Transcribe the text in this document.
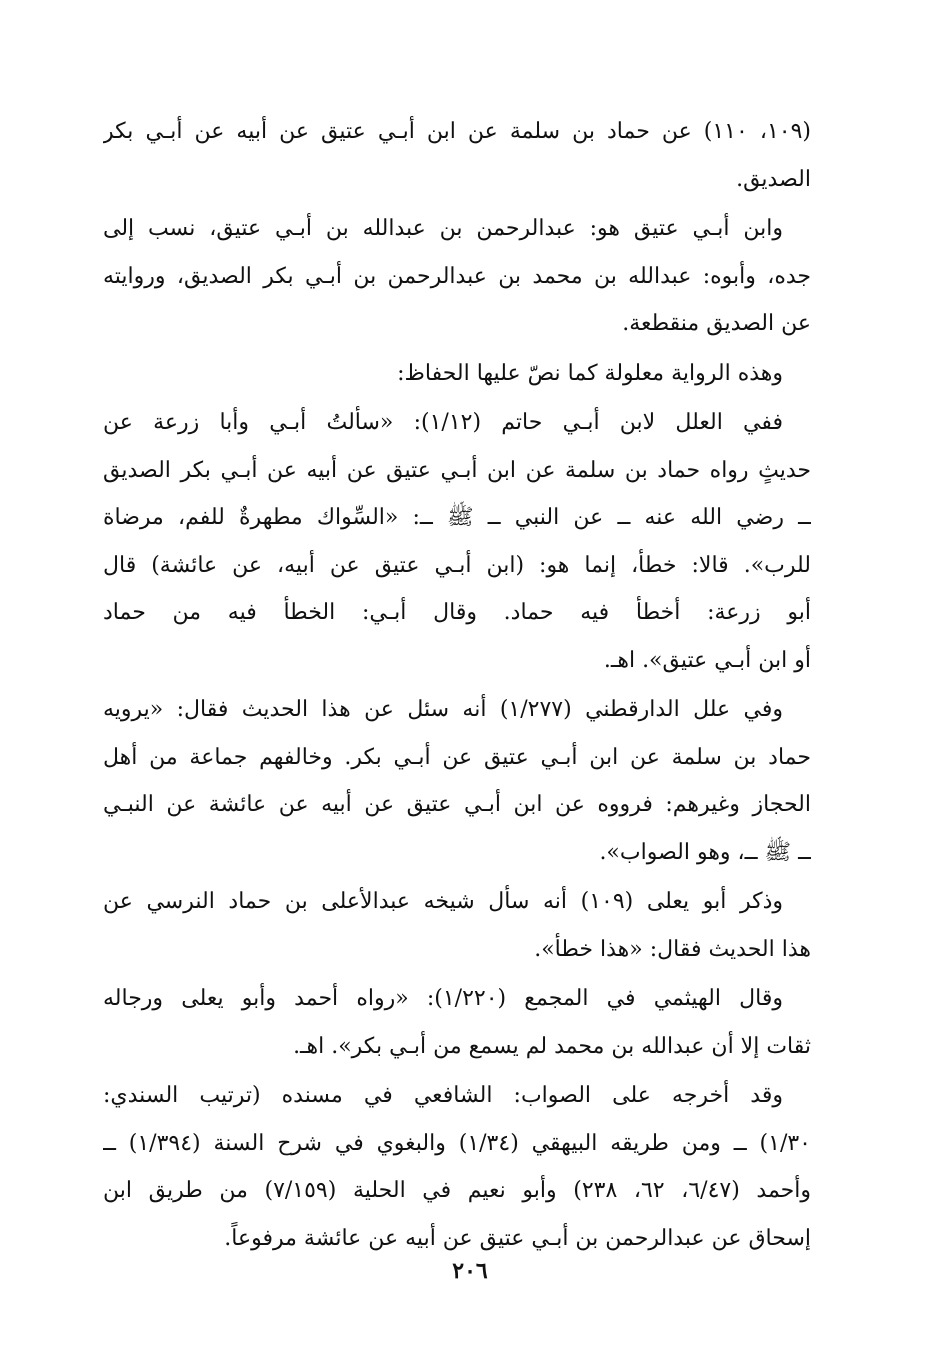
(١٠٩، ١١٠) عن حماد بن سلمة عن ابن أبـي عتيق عن أبيه عن أبـي بكر
الصديق.
وابن أبـي عتيق هو: عبدالرحمن بن عبدالله بن أبـي عتيق، نسب إلى
جده، وأبوه: عبدالله بن محمد بن عبدالرحمن بن أبـي بكر الصديق، وروايته
عن الصديق منقطعة.
وهذه الرواية معلولة كما نصّ عليها الحفاظ:
ففي العلل لابن أبـي حاتم (١/١٢): «سألتُ أبـي وأبا زرعة عن
حديثٍ رواه حماد بن سلمة عن ابن أبـي عتيق عن أبيه عن أبـي بكر الصديق
ــ رضي الله عنه ــ عن النبي ــ ﷺ ــ: «السِّواك مطهرةٌ للفم، مرضاة
للرب». قالا: خطأ، إنما هو: (ابن أبـي عتيق عن أبيه، عن عائشة) قال
أبو زرعة: أخطأ فيه حماد. وقال أبـي: الخطأ فيه من حماد
أو ابن أبـي عتيق». اهـ.
وفي علل الدارقطني (١/٢٧٧) أنه سئل عن هذا الحديث فقال: «يرويه
حماد بن سلمة عن ابن أبـي عتيق عن أبـي بكر. وخالفهم جماعة من أهل
الحجاز وغيرهم: فرووه عن ابن أبـي عتيق عن أبيه عن عائشة عن النبـي
ــ ﷺ ــ، وهو الصواب».
وذكر أبو يعلى (١٠٩) أنه سأل شيخه عبدالأعلى بن حماد النرسي عن
هذا الحديث فقال: «هذا خطأ».
وقال الهيثمي في المجمع (١/٢٢٠): «رواه أحمد وأبو يعلى ورجاله
ثقات إلا أن عبدالله بن محمد لم يسمع من أبـي بكر». اهـ.
وقد أخرجه على الصواب: الشافعي في مسنده (ترتيب السندي:
١/٣٠) ــ ومن طريقه البيهقي (١/٣٤) والبغوي في شرح السنة (١/٣٩٤) ــ
وأحمد (٦/٤٧، ٦٢، ٢٣٨) وأبو نعيم في الحلية (٧/١٥٩) من طريق ابن
إسحاق عن عبدالرحمن بن أبـي عتيق عن أبيه عن عائشة مرفوعاً.
٢٠٦
